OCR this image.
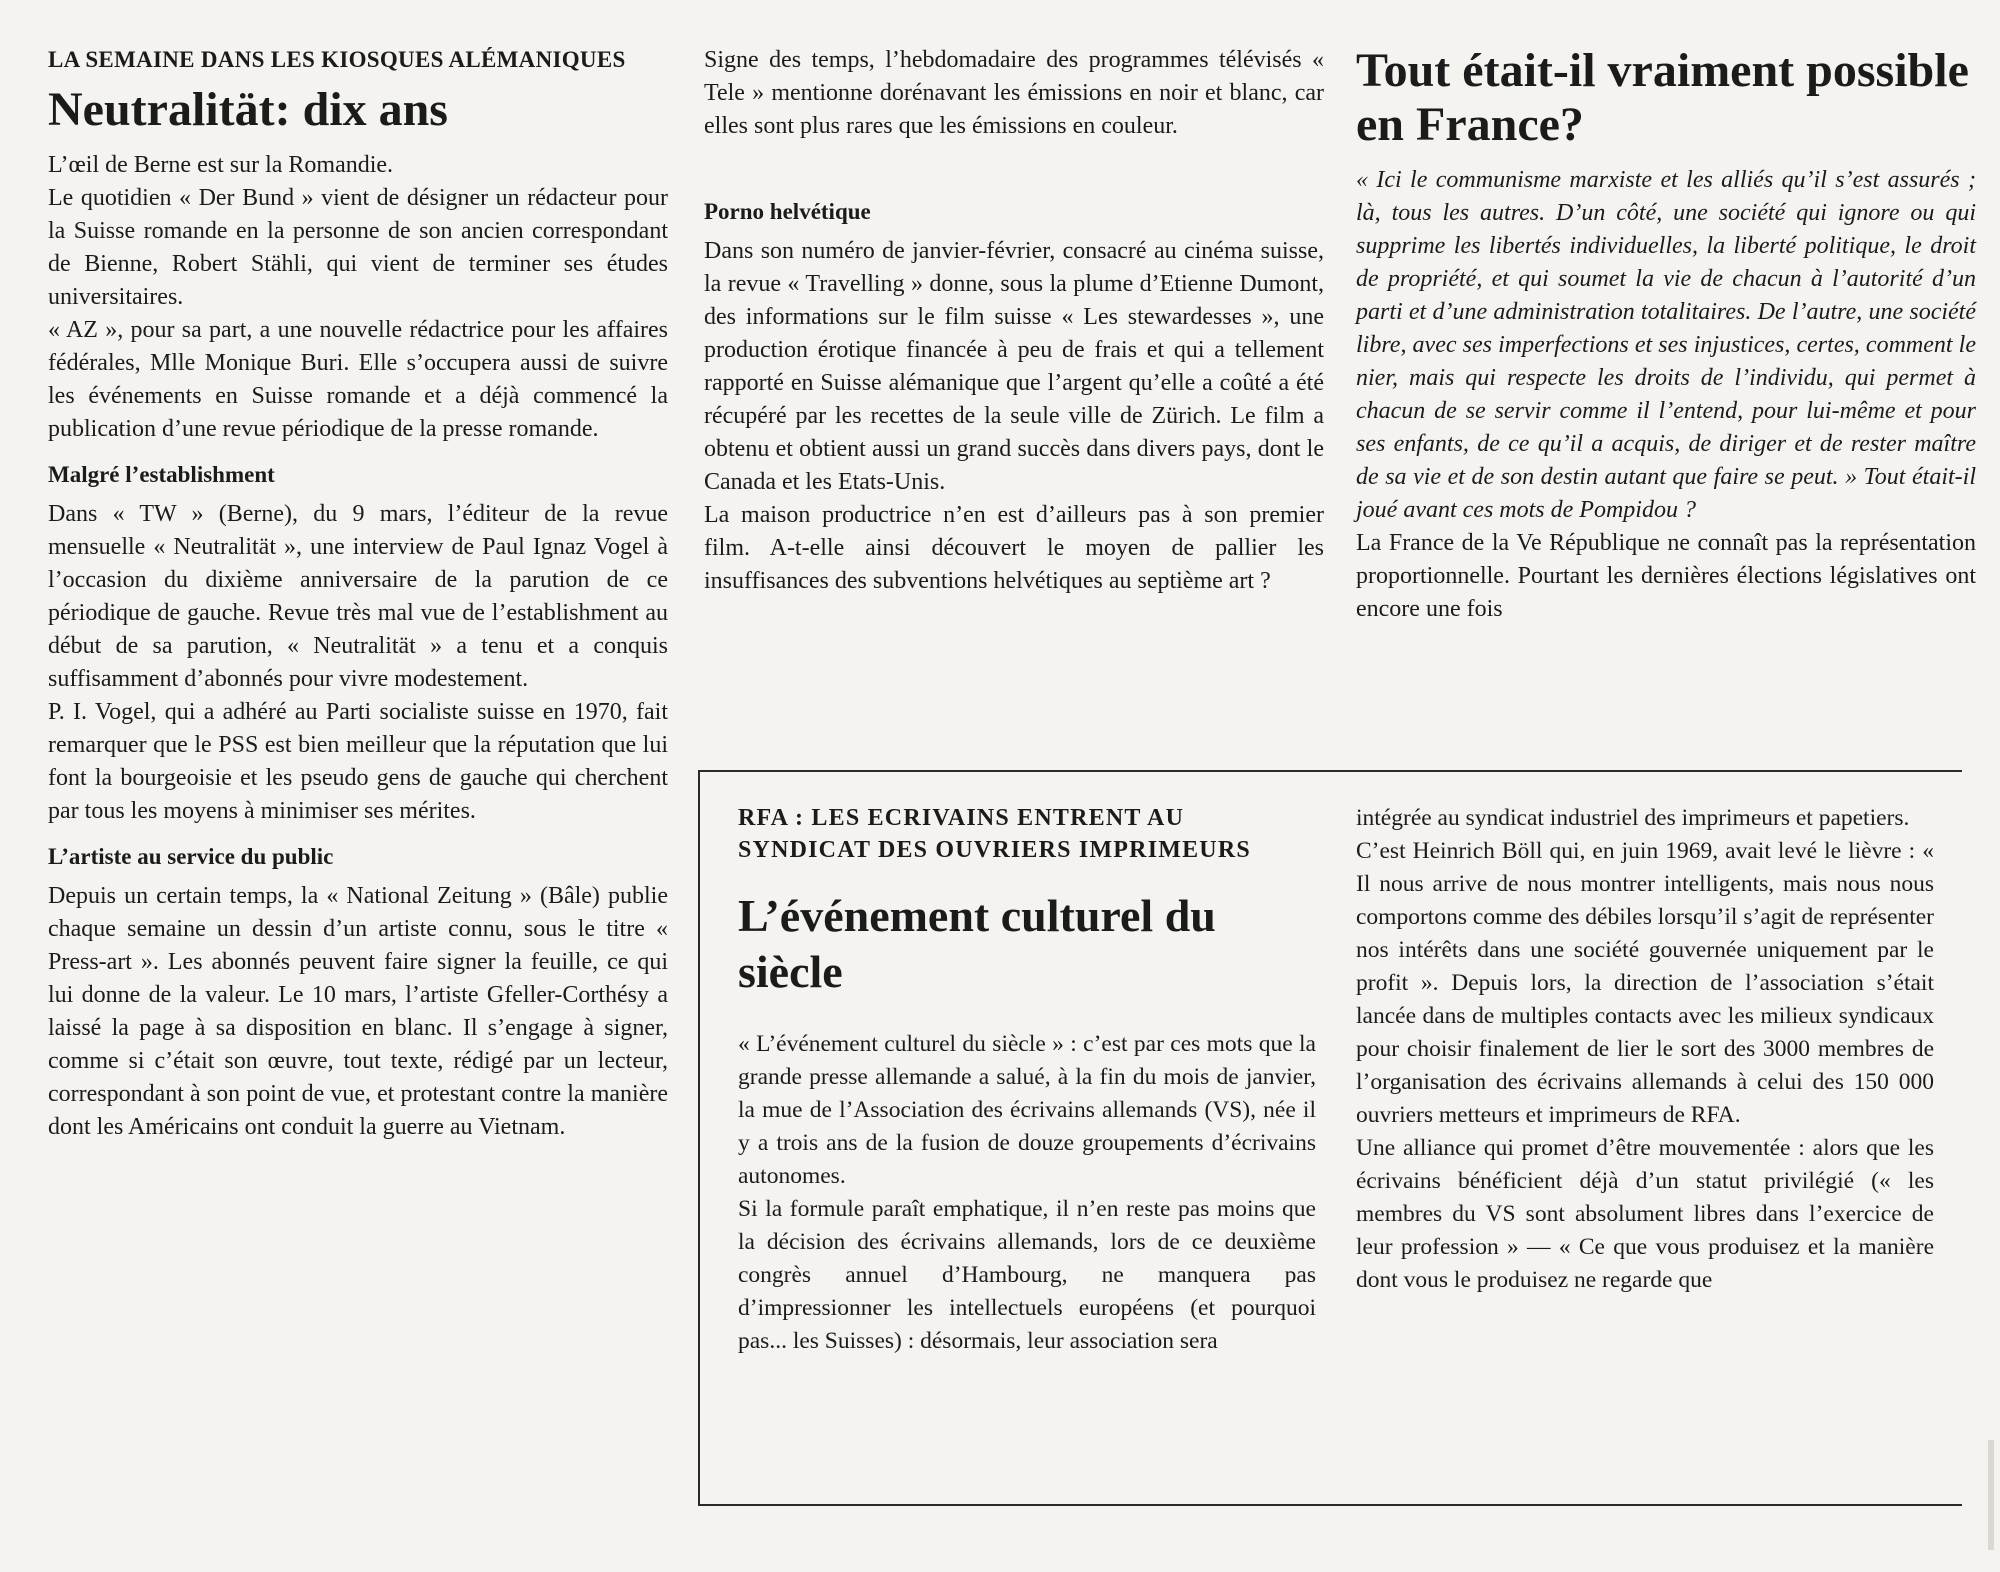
LA SEMAINE DANS LES KIOSQUES ALÉMANIQUES
Neutralität: dix ans
L’œil de Berne est sur la Romandie.
Le quotidien « Der Bund » vient de désigner un rédacteur pour la Suisse romande en la personne de son ancien correspondant de Bienne, Robert Stähli, qui vient de terminer ses études universitaires.
« AZ », pour sa part, a une nouvelle rédactrice pour les affaires fédérales, Mlle Monique Buri. Elle s’occupera aussi de suivre les événements en Suisse romande et a déjà commencé la publication d’une revue périodique de la presse romande.
Malgré l’establishment
Dans « TW » (Berne), du 9 mars, l’éditeur de la revue mensuelle « Neutralität », une interview de Paul Ignaz Vogel à l’occasion du dixième anniversaire de la parution de ce périodique de gauche. Revue très mal vue de l’establishment au début de sa parution, « Neutralität » a tenu et a conquis suffisamment d’abonnés pour vivre modestement.
P. I. Vogel, qui a adhéré au Parti socialiste suisse en 1970, fait remarquer que le PSS est bien meilleur que la réputation que lui font la bourgeoisie et les pseudo gens de gauche qui cherchent par tous les moyens à minimiser ses mérites.
L’artiste au service du public
Depuis un certain temps, la « National Zeitung » (Bâle) publie chaque semaine un dessin d’un artiste connu, sous le titre « Press-art ». Les abonnés peuvent faire signer la feuille, ce qui lui donne de la valeur. Le 10 mars, l’artiste Gfeller-Corthésy a laissé la page à sa disposition en blanc. Il s’engage à signer, comme si c’était son œuvre, tout texte, rédigé par un lecteur, correspondant à son point de vue, et protestant contre la manière dont les Américains ont conduit la guerre au Vietnam.
Signe des temps, l’hebdomadaire des programmes télévisés « Tele » mentionne dorénavant les émissions en noir et blanc, car elles sont plus rares que les émissions en couleur.
Porno helvétique
Dans son numéro de janvier-février, consacré au cinéma suisse, la revue « Travelling » donne, sous la plume d’Etienne Dumont, des informations sur le film suisse « Les stewardesses », une production érotique financée à peu de frais et qui a tellement rapporté en Suisse alémanique que l’argent qu’elle a coûté a été récupéré par les recettes de la seule ville de Zürich. Le film a obtenu et obtient aussi un grand succès dans divers pays, dont le Canada et les Etats-Unis.
La maison productrice n’en est d’ailleurs pas à son premier film. A-t-elle ainsi découvert le moyen de pallier les insuffisances des subventions helvétiques au septième art ?
Tout était-il vraiment possible en France?
« Ici le communisme marxiste et les alliés qu’il s’est assurés ; là, tous les autres. D’un côté, une société qui ignore ou qui supprime les libertés individuelles, la liberté politique, le droit de propriété, et qui soumet la vie de chacun à l’autorité d’un parti et d’une administration totalitaires. De l’autre, une société libre, avec ses imperfections et ses injustices, certes, comment le nier, mais qui respecte les droits de l’individu, qui permet à chacun de se servir comme il l’entend, pour lui-même et pour ses enfants, de ce qu’il a acquis, de diriger et de rester maître de sa vie et de son destin autant que faire se peut. » Tout était-il joué avant ces mots de Pompidou ?
La France de la Ve République ne connaît pas la représentation proportionnelle. Pourtant les dernières élections législatives ont encore une fois
RFA : LES ECRIVAINS ENTRENT AU SYNDICAT DES OUVRIERS IMPRIMEURS
L’événement culturel du siècle
« L’événement culturel du siècle » : c’est par ces mots que la grande presse allemande a salué, à la fin du mois de janvier, la mue de l’Association des écrivains allemands (VS), née il y a trois ans de la fusion de douze groupements d’écrivains autonomes.
Si la formule paraît emphatique, il n’en reste pas moins que la décision des écrivains allemands, lors de ce deuxième congrès annuel d’Hambourg, ne manquera pas d’impressionner les intellectuels européens (et pourquoi pas... les Suisses) : désormais, leur association sera
intégrée au syndicat industriel des imprimeurs et papetiers.
C’est Heinrich Böll qui, en juin 1969, avait levé le lièvre : « Il nous arrive de nous montrer intelligents, mais nous nous comportons comme des débiles lorsqu’il s’agit de représenter nos intérêts dans une société gouvernée uniquement par le profit ». Depuis lors, la direction de l’association s’était lancée dans de multiples contacts avec les milieux syndicaux pour choisir finalement de lier le sort des 3000 membres de l’organisation des écrivains allemands à celui des 150 000 ouvriers metteurs et imprimeurs de RFA.
Une alliance qui promet d’être mouvementée : alors que les écrivains bénéficient déjà d’un statut privilégié (« les membres du VS sont absolument libres dans l’exercice de leur profession » — « Ce que vous produisez et la manière dont vous le produisez ne regarde que
